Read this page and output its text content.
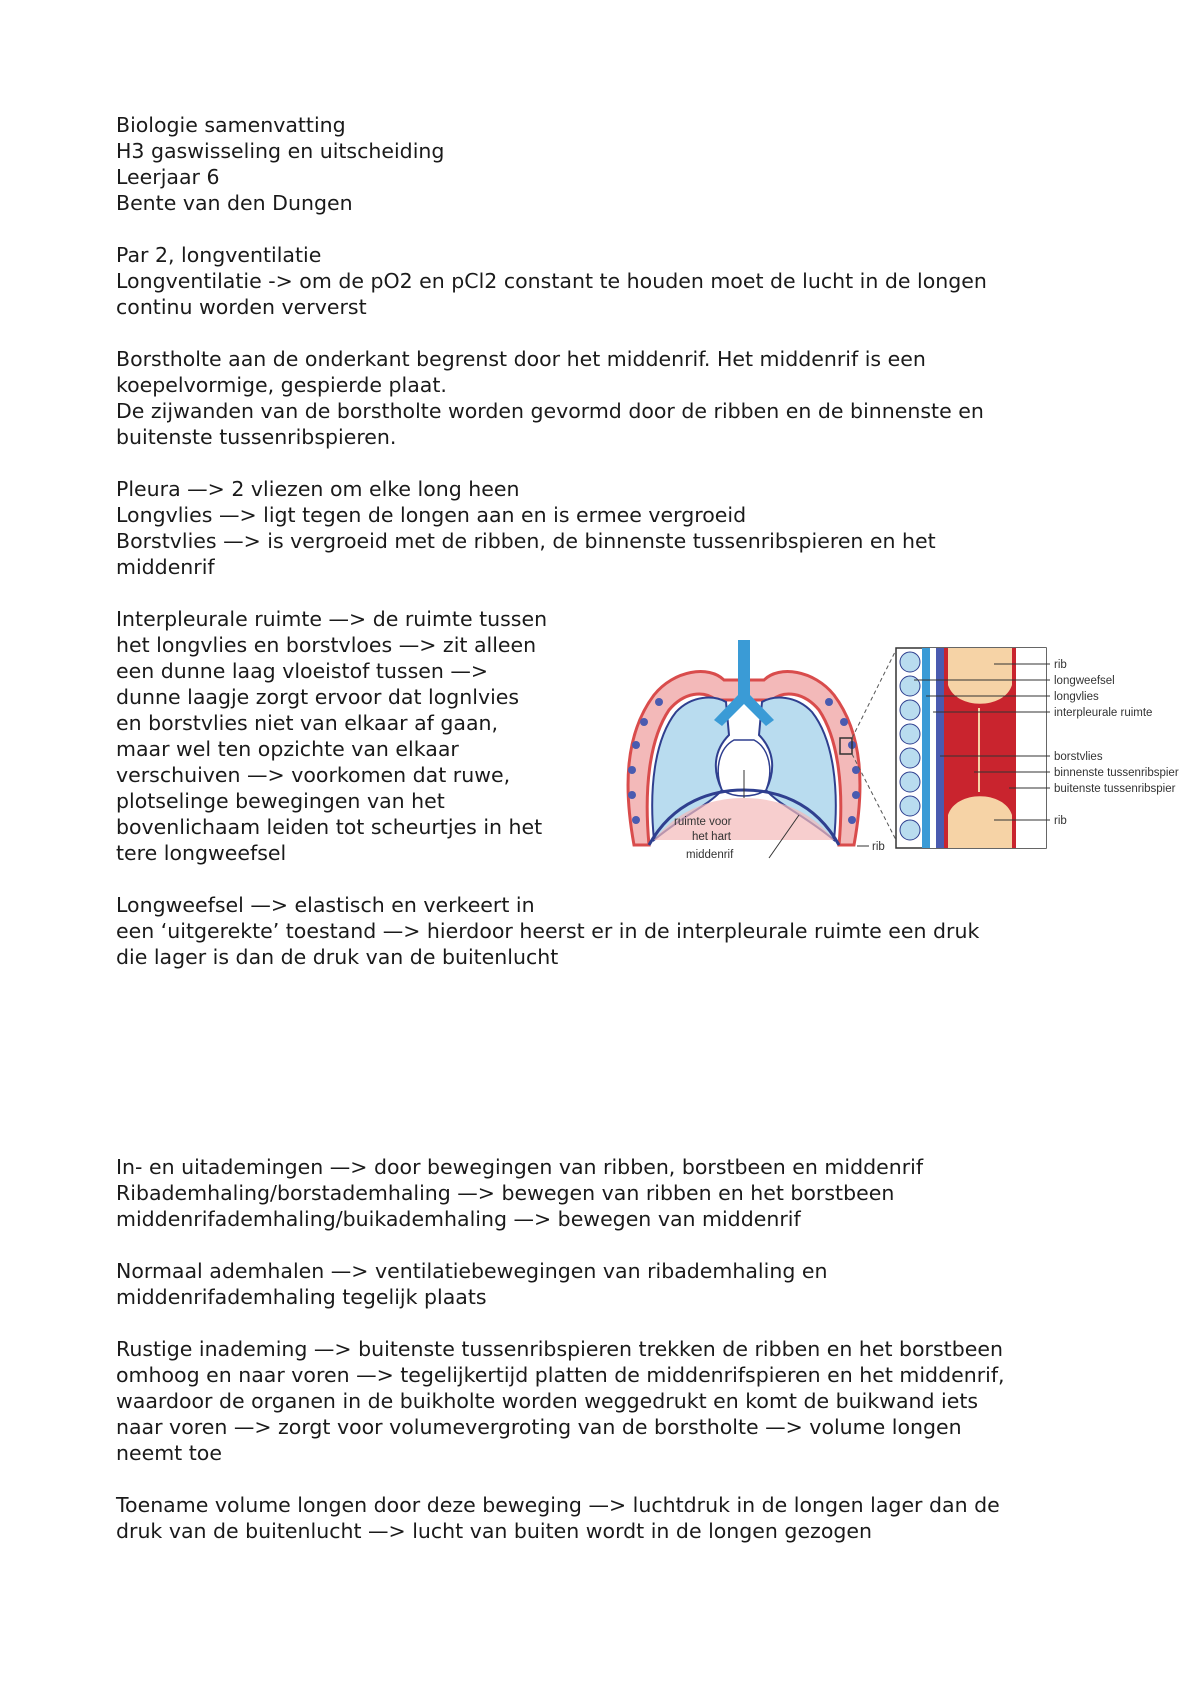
Biologie samenvatting

H3 gaswisseling en uitscheiding

Leerjaar 6

Bente van den Dungen

Par 2, longventilatie

Longventilatie -> om de pO2 en pCl2 constant te houden moet de lucht in de longen

continu worden ververst

Borstholte aan de onderkant begrenst door het middenrif. Het middenrif is een

koepelvormige, gespierde plaat.

De zijwanden van de borstholte worden gevormd door de ribben en de binnenste en

buitenste tussenribspieren.

Pleura —> 2 vliezen om elke long heen

Longvlies —> ligt tegen de longen aan en is ermee vergroeid

Borstvlies —> is vergroeid met de ribben, de binnenste tussenribspieren en het

middenrif

Interpleurale ruimte —> de ruimte tussen

het longvlies en borstvloes —> zit alleen

een dunne laag vloeistof tussen —>

dunne laagje zorgt ervoor dat lognlvies

en borstvlies niet van elkaar af gaan,

maar wel ten opzichte van elkaar

verschuiven —> voorkomen dat ruwe,

plotselinge bewegingen van het

bovenlichaam leiden tot scheurtjes in het

tere longweefsel

Longweefsel —> elastisch en verkeert in

een ‘uitgerekte’ toestand —> hierdoor heerst er in de interpleurale ruimte een druk

die lager is dan de druk van de buitenlucht

In- en uitademingen —> door bewegingen van ribben, borstbeen en middenrif

Ribademhaling/borstademhaling —> bewegen van ribben en het borstbeen

middenrifademhaling/buikademhaling —> bewegen van middenrif

Normaal ademhalen —> ventilatiebewegingen van ribademhaling en

middenrifademhaling tegelijk plaats

Rustige inademing —> buitenste tussenribspieren trekken de ribben en het borstbeen

omhoog en naar voren —> tegelijkertijd platten de middenrifspieren en het middenrif,

waardoor de organen in de buikholte worden weggedrukt en komt de buikwand iets

naar voren —> zorgt voor volumevergroting van de borstholte —> volume longen

neemt toe

Toename volume longen door deze beweging —> luchtdruk in de longen lager dan de

druk van de buitenlucht —> lucht van buiten wordt in de longen gezogen

ruimte voor
het hart
middenrif
rib
rib
longweefsel
longvlies
interpleurale ruimte
borstvlies
binnenste tussenribspier
buitenste tussenribspier
rib
